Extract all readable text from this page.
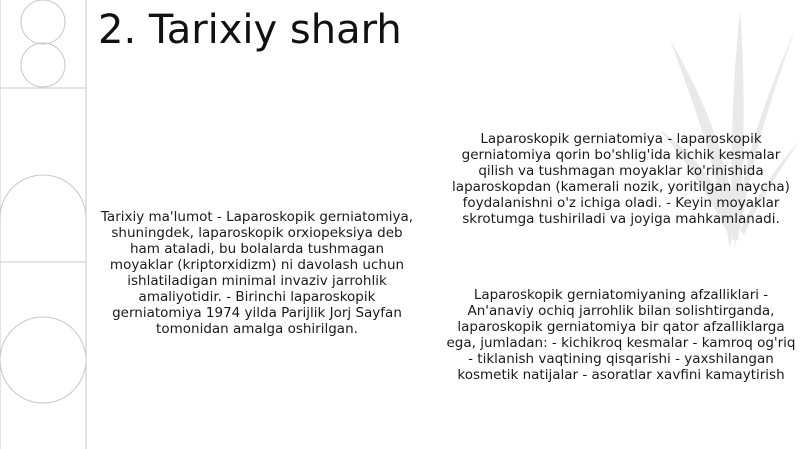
2. Tarixiy sharh

Tarixiy ma'lumot - Laparoskopik gerniatomiya, shuningdek, laparoskopik orxiopeksiya deb ham ataladi, bu bolalarda tushmagan moyaklar (kriptorxidizm) ni davolash uchun ishlatiladigan minimal invaziv jarrohlik amaliyotidir. - Birinchi laparoskopik gerniatomiya 1974 yilda Parijlik Jorj Sayfan tomonidan amalga oshirilgan.

Laparoskopik gerniatomiya - laparoskopik gerniatomiya qorin bo'shlig'ida kichik kesmalar qilish va tushmagan moyaklar ko'rinishida laparoskopdan (kamerali nozik, yoritilgan naycha) foydalanishni o'z ichiga oladi. - Keyin moyaklar skrotumga tushiriladi va joyiga mahkamlanadi.

Laparoskopik gerniatomiyaning afzalliklari - An'anaviy ochiq jarrohlik bilan solishtirganda, laparoskopik gerniatomiya bir qator afzalliklarga ega, jumladan: - kichikroq kesmalar - kamroq og'riq - tiklanish vaqtining qisqarishi - yaxshilangan kosmetik natijalar - asoratlar xavfini kamaytirish
